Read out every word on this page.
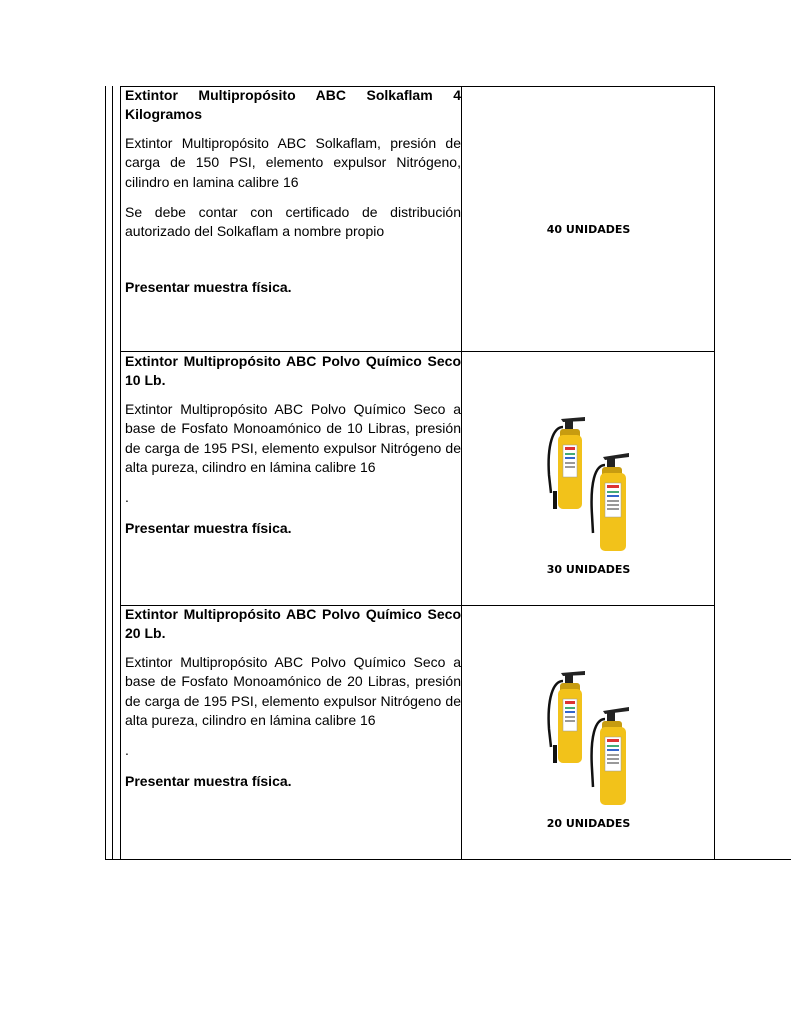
Extintor Multipropósito ABC Solkaflam 4 Kilogramos

Extintor Multipropósito ABC Solkaflam, presión de carga de 150 PSI, elemento expulsor Nitrógeno, cilindro en lamina calibre 16

Se debe contar con certificado de distribución autorizado del Solkaflam a nombre propio

Presentar muestra física.

40 UNIDADES

Extintor Multipropósito ABC Polvo Químico Seco 10 Lb.

Extintor Multipropósito ABC Polvo Químico Seco a base de Fosfato Monoamónico de 10 Libras, presión de carga de 195 PSI, elemento expulsor Nitrógeno de alta pureza, cilindro en lámina calibre 16

.

Presentar muestra física.

30 UNIDADES

Extintor Multipropósito ABC Polvo Químico Seco 20 Lb.

Extintor Multipropósito ABC Polvo Químico Seco a base de Fosfato Monoamónico de 20 Libras, presión de carga de 195 PSI, elemento expulsor Nitrógeno de alta pureza, cilindro en lámina calibre 16

.

Presentar muestra física.

20 UNIDADES
